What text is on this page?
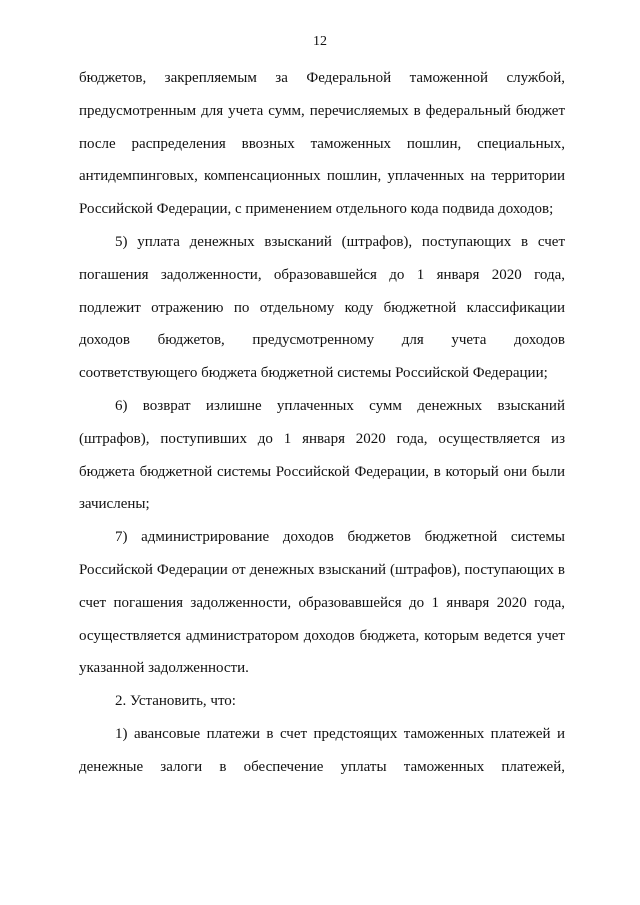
12
бюджетов, закрепляемым за Федеральной таможенной службой,
предусмотренным для учета сумм, перечисляемых в федеральный бюджет
после распределения ввозных таможенных пошлин, специальных,
антидемпинговых, компенсационных пошлин, уплаченных на территории
Российской Федерации, с применением отдельного кода подвида доходов;
5) уплата денежных взысканий (штрафов), поступающих в счет
погашения задолженности, образовавшейся до 1 января 2020 года,
подлежит отражению по отдельному коду бюджетной классификации
доходов бюджетов, предусмотренному для учета доходов
соответствующего бюджета бюджетной системы Российской Федерации;
6) возврат излишне уплаченных сумм денежных взысканий
(штрафов), поступивших до 1 января 2020 года, осуществляется из
бюджета бюджетной системы Российской Федерации, в который они были
зачислены;
7) администрирование доходов бюджетов бюджетной системы
Российской Федерации от денежных взысканий (штрафов), поступающих в
счет погашения задолженности, образовавшейся до 1 января 2020 года,
осуществляется администратором доходов бюджета, которым ведется учет
указанной задолженности.
2. Установить, что:
1) авансовые платежи в счет предстоящих таможенных платежей и
денежные залоги в обеспечение уплаты таможенных платежей,
